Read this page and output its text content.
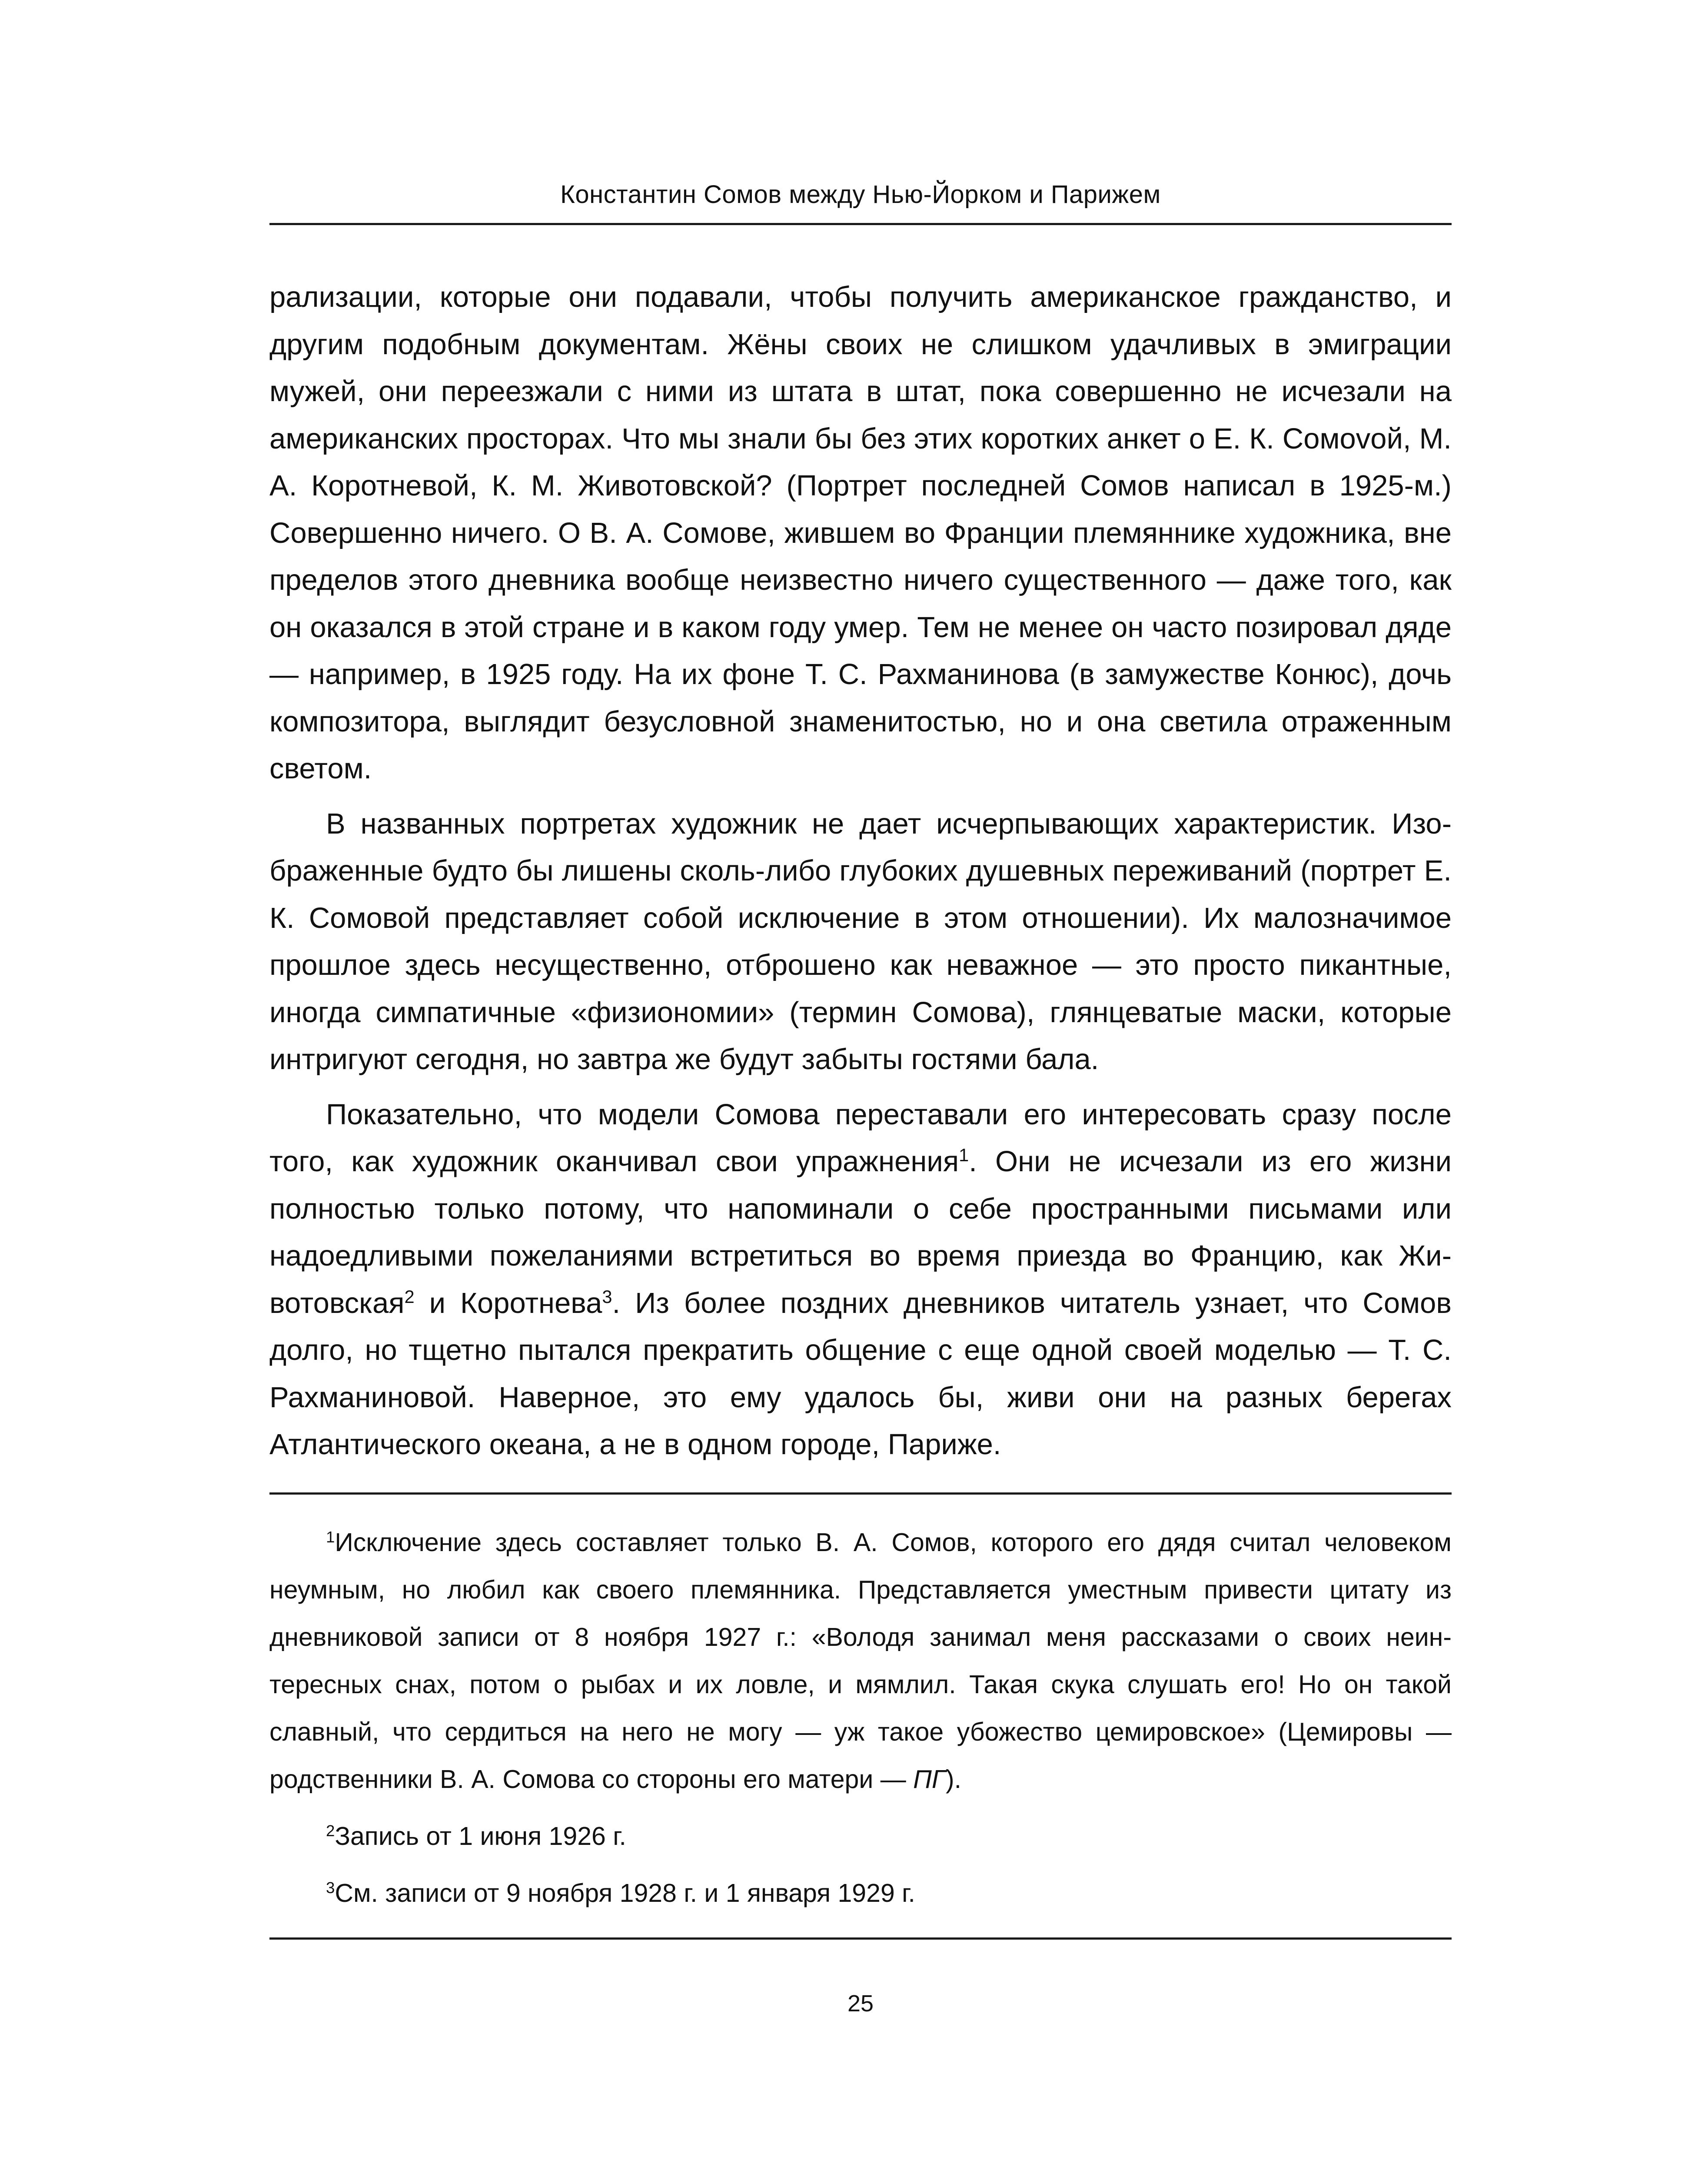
Константин Сомов между Нью-Йорком и Парижем

рализации, которые они подавали, чтобы получить американское гражданство, и другим подобным документам. Жёны своих не слишком удачливых в эмиграции мужей, они переезжали с ними из штата в штат, пока совершенно не исчезали на американских просторах. Что мы знали бы без этих коротких анкет о Е. К. Сомоvой, М. А. Коротневой, К. М. Животовской? (Портрет последней Сомов написал в 1925-м.) Совершенно ничего. О В. А. Сомове, жившем во Франции племяннике художника, вне пределов этого дневника вообще неизвестно ничего существенного — даже того, как он оказался в этой стране и в каком году умер. Тем не менее он часто позировал дяде — например, в 1925 году. На их фоне Т. С. Рахманинова (в замужестве Конюс), дочь композитора, выглядит безусловной знаменитостью, но и она светила отраженным светом.

В названных портретах художник не дает исчерпывающих характеристик. Изображенные будто бы лишены сколь-либо глубоких душевных переживаний (портрет Е. К. Сомовой представляет собой исключение в этом отношении). Их малозначимое прошлое здесь несущественно, отброшено как неважное — это просто пикантные, иногда симпатичные «физиономии» (термин Сомова), глянцеватые маски, которые интригуют сегодня, но завтра же будут забыты гостями бала.

Показательно, что модели Сомова переставали его интересовать сразу после того, как художник оканчивал свои упражнения$^1$. Они не исчезали из его жизни полностью только потому, что напоминали о себе пространными письмами или надоедливыми пожеланиями встретиться во время приезда во Францию, как Животовская$^2$ и Коротнева$^3$. Из более поздних дневников читатель узнает, что Сомов долго, но тщетно пытался прекратить общение с еще одной своей моделью — Т. С. Рахманиновой. Наверное, это ему удалось бы, живи они на разных берегах Атлантического океана, а не в одном городе, Париже.

$^1$Исключение здесь составляет только В. А. Сомов, которого его дядя считал человеком неумным, но любил как своего племянника. Представляется уместным привести цитату из дневниковой записи от 8 ноября 1927 г.: «Володя занимал меня рассказами о своих неинтересных снах, потом о рыбах и их ловле, и мямлил. Такая скука слушать его! Но он такой славный, что сердиться на него не могу — уж такое убожество цемировское» (Цемировы — родственники В. А. Сомова со стороны его матери — ПГ).

$^2$Запись от 1 июня 1926 г.

$^3$См. записи от 9 ноября 1928 г. и 1 января 1929 г.

25
